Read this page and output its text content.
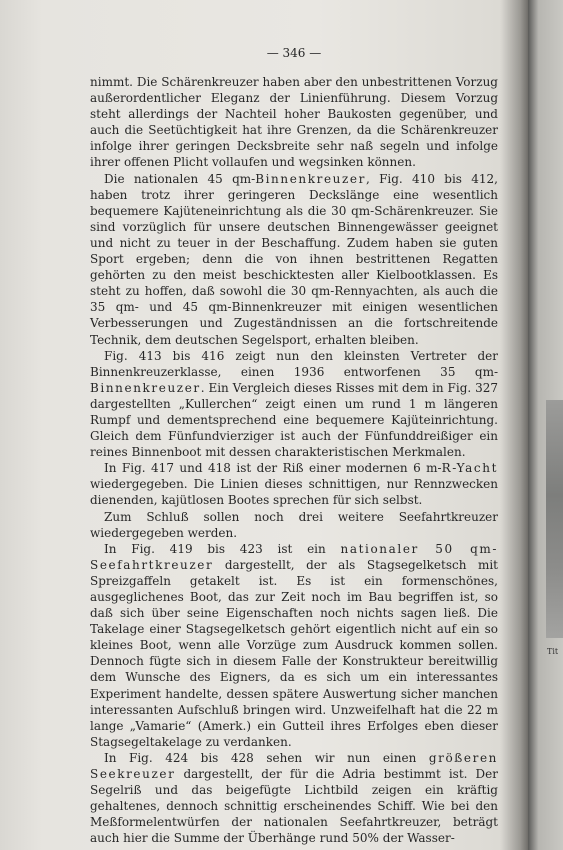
Tit
— 346 —

nimmt. Die Schärenkreuzer haben aber den unbestrittenen Vorzug außerordentlicher Eleganz der Linienführung. Diesem Vorzug steht allerdings der Nachteil hoher Baukosten gegenüber, und auch die Seetüchtigkeit hat ihre Grenzen, da die Schärenkreuzer infolge ihrer geringen Decksbreite sehr naß segeln und infolge ihrer offenen Plicht vollaufen und wegsinken können.

Die nationalen 45 qm-Binnenkreuzer, Fig. 410 bis 412, haben trotz ihrer geringeren Deckslänge eine wesentlich bequemere Kajüteneinrichtung als die 30 qm-Schärenkreuzer. Sie sind vorzüglich für unsere deutschen Binnengewässer geeignet und nicht zu teuer in der Beschaffung. Zudem haben sie guten Sport ergeben; denn die von ihnen bestrittenen Regatten gehörten zu den meist beschicktesten aller Kielbootklassen. Es steht zu hoffen, daß sowohl die 30 qm-Rennyachten, als auch die 35 qm- und 45 qm-Binnenkreuzer mit einigen wesentlichen Verbesserungen und Zugeständnissen an die fortschreitende Technik, dem deutschen Segelsport, erhalten bleiben.

Fig. 413 bis 416 zeigt nun den kleinsten Vertreter der Binnenkreuzerklasse, einen 1936 entworfenen 35 qm-Binnenkreuzer. Ein Vergleich dieses Risses mit dem in Fig. 327 dargestellten „Kullerchen“ zeigt einen um rund 1 m längeren Rumpf und dementsprechend eine bequemere Kajüteinrichtung. Gleich dem Fünfundvierziger ist auch der Fünfunddreißiger ein reines Binnenboot mit dessen charakteristischen Merkmalen.

In Fig. 417 und 418 ist der Riß einer modernen 6 m-R-Yacht wiedergegeben. Die Linien dieses schnittigen, nur Rennzwecken dienenden, kajütlosen Bootes sprechen für sich selbst.

Zum Schluß sollen noch drei weitere Seefahrtkreuzer wiedergegeben werden.

In Fig. 419 bis 423 ist ein nationaler 50 qm-Seefahrtkreuzer dargestellt, der als Stagsegelketsch mit Spreizgaffeln getakelt ist. Es ist ein formenschönes, ausgeglichenes Boot, das zur Zeit noch im Bau begriffen ist, so daß sich über seine Eigenschaften noch nichts sagen ließ. Die Takelage einer Stagsegelketsch gehört eigentlich nicht auf ein so kleines Boot, wenn alle Vorzüge zum Ausdruck kommen sollen. Dennoch fügte sich in diesem Falle der Konstrukteur bereitwillig dem Wunsche des Eigners, da es sich um ein interessantes Experiment handelte, dessen spätere Auswertung sicher manchen interessanten Aufschluß bringen wird. Unzweifelhaft hat die 22 m lange „Vamarie“ (Amerk.) ein Gutteil ihres Erfolges eben dieser Stagsegeltakelage zu verdanken.

In Fig. 424 bis 428 sehen wir nun einen größeren Seekreuzer dargestellt, der für die Adria bestimmt ist. Der Segelriß und das beigefügte Lichtbild zeigen ein kräftig gehaltenes, dennoch schnittig erscheinendes Schiff. Wie bei den Meßformelentwürfen der nationalen Seefahrtkreuzer, beträgt auch hier die Summe der Überhänge rund 50% der Wasser-
